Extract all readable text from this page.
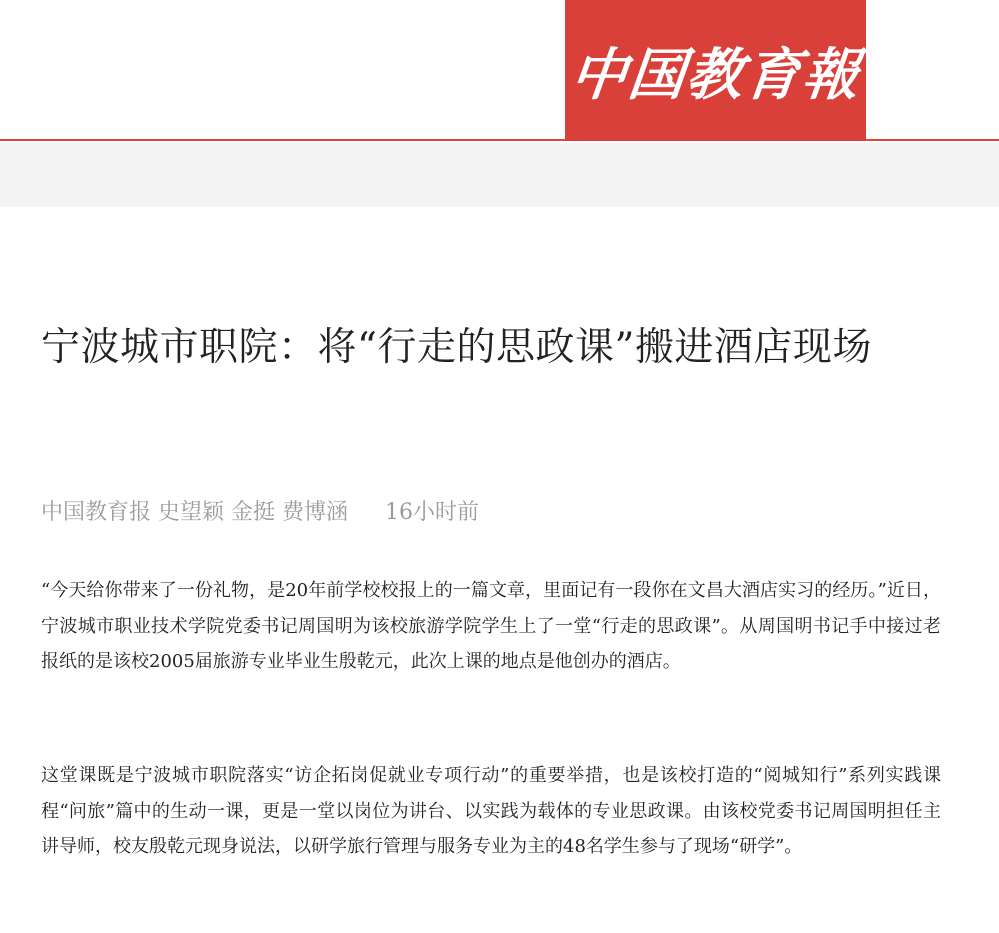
中国教育報
宁波城市职院：将“行走的思政课”搬进酒店现场
中国教育报 史望颖 金挺 费博涵 16小时前

“今天给你带来了一份礼物，是20年前学校校报上的一篇文章，里面记有一段你在文昌大酒店实习的经历。”近日，宁波城市职业技术学院党委书记周国明为该校旅游学院学生上了一堂“行走的思政课”。从周国明书记手中接过老报纸的是该校2005届旅游专业毕业生殷乾元，此次上课的地点是他创办的酒店。

这堂课既是宁波城市职院落实“访企拓岗促就业专项行动”的重要举措，也是该校打造的“阅城知行”系列实践课程“问旅”篇中的生动一课，更是一堂以岗位为讲台、以实践为载体的专业思政课。由该校党委书记周国明担任主讲导师，校友殷乾元现身说法，以研学旅行管理与服务专业为主的48名学生参与了现场“研学”。
